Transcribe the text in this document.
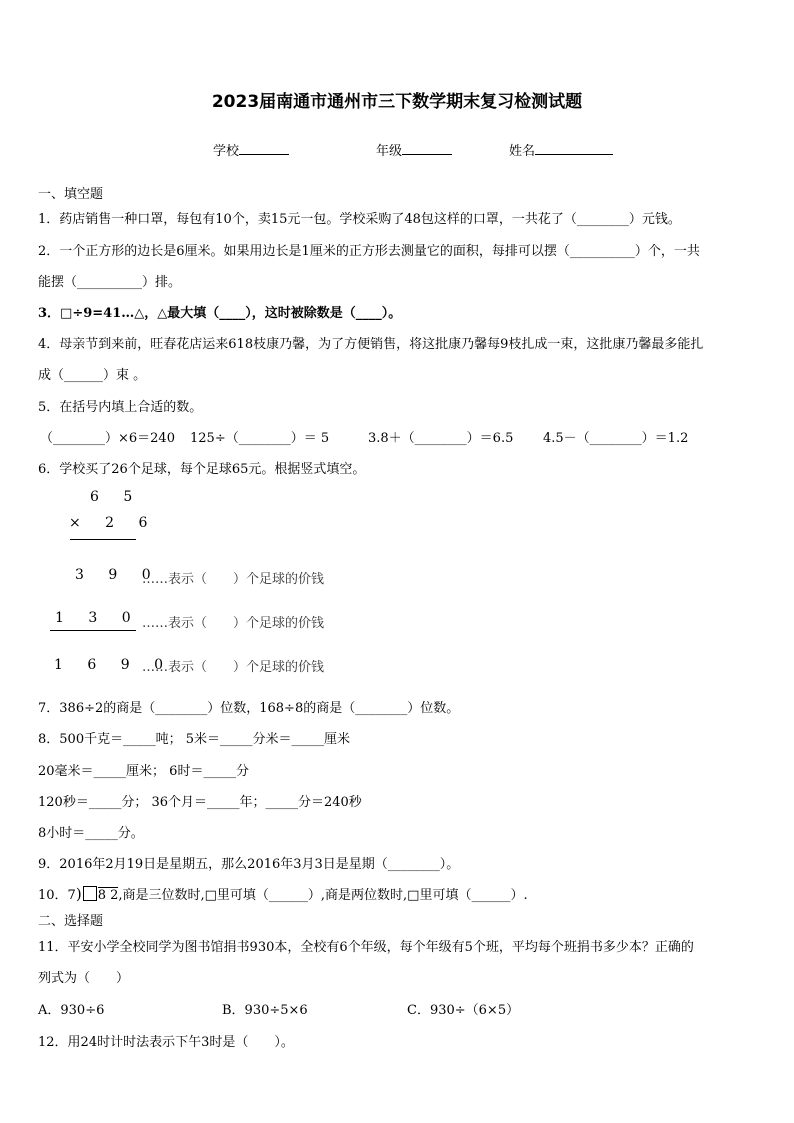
2023届南通市通州市三下数学期末复习检测试题
学校	年级	姓名
一、填空题
1．药店销售一种口罩，每包有10个，卖15元一包。学校采购了48包这样的口罩，一共花了（________）元钱。
2．一个正方形的边长是6厘米。如果用边长是1厘米的正方形去测量它的面积，每排可以摆（__________）个，一共
能摆（__________）排。
3．□÷9=41…△，△最大填（____），这时被除数是（____）。
4．母亲节到来前，旺春花店运来618枝康乃馨，为了方便销售，将这批康乃馨每9枝扎成一束，这批康乃馨最多能扎
成（______）束 。
5．在括号内填上合适的数。
（________）×6＝240 125÷（________）＝ 5	3.8＋（________）＝6.5 4.5－（________）＝1.2
6．学校买了26个足球，每个足球65元。根据竖式填空。
6 5
× 2 6
3 9 0
……表示（　　）个足球的价钱
1 3 0 ……表示（　　）个足球的价钱
1 6 9 0
……表示（　　）个足球的价钱
7．386÷2的商是（________）位数，168÷8的商是（________）位数。
8．500千克＝_____吨； 5米＝_____分米＝_____厘米
20毫米＝_____厘米； 6时＝_____分
120秒＝_____分； 36个月＝_____年；_____分＝240秒
8小时＝_____分。
9．2016年2月19日是星期五，那么2016年3月3日是星期（________）。
10．7) 8 2,商是三位数时,□里可填（______）,商是两位数时,□里可填（______）.
二、选择题
11．平安小学全校同学为图书馆捐书930本，全校有6个年级，每个年级有5个班，平均每个班捐书多少本？正确的
列式为（　　）
A．930÷6	B．930÷5×6	C．930÷（6×5）
12．用24时计时法表示下午3时是（　　）。
